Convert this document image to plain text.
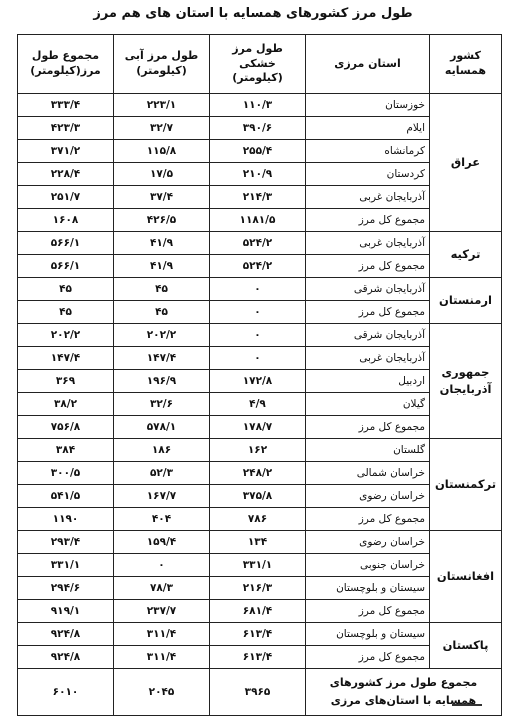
طول مرز کشورهای همسایه با استان های هم مرز
کشور همسایه	استان مرزی	طول مرز خشکی (کیلومتر)	طول مرز آبی (کیلومتر)	مجموع طول مرز(کیلومتر)
عراق	خوزستان	۱۱۰/۳	۲۲۳/۱	۳۳۳/۴
	ایلام	۳۹۰/۶	۳۲/۷	۴۲۳/۳
	کرمانشاه	۲۵۵/۴	۱۱۵/۸	۳۷۱/۲
	کردستان	۲۱۰/۹	۱۷/۵	۲۲۸/۴
	آذربایجان غربی	۲۱۴/۳	۳۷/۴	۲۵۱/۷
	مجموع کل مرز	۱۱۸۱/۵	۴۲۶/۵	۱۶۰۸
ترکیه	آذربایجان غربی	۵۲۴/۲	۴۱/۹	۵۶۶/۱
	مجموع کل مرز	۵۲۴/۲	۴۱/۹	۵۶۶/۱
ارمنستان	آذربایجان شرقی	۰	۴۵	۴۵
	مجموع کل مرز	۰	۴۵	۴۵
جمهوری آذربایجان	آذربایجان شرقی	۰	۲۰۲/۲	۲۰۲/۲
	آذربایجان غربی	۰	۱۴۷/۴	۱۴۷/۴
	اردبیل	۱۷۲/۸	۱۹۶/۹	۳۶۹
	گیلان	۴/۹	۳۲/۶	۳۸/۲
	مجموع کل مرز	۱۷۸/۷	۵۷۸/۱	۷۵۶/۸
ترکمنستان	گلستان	۱۶۲	۱۸۶	۳۸۴
	خراسان شمالی	۲۴۸/۲	۵۲/۳	۳۰۰/۵
	خراسان رضوی	۳۷۵/۸	۱۶۷/۷	۵۴۱/۵
	مجموع کل مرز	۷۸۶	۴۰۴	۱۱۹۰
افغانستان	خراسان رضوی	۱۳۴	۱۵۹/۴	۲۹۳/۴
	خراسان جنوبی	۳۳۱/۱	۰	۳۳۱/۱
	سیستان و بلوچستان	۲۱۶/۳	۷۸/۳	۲۹۴/۶
	مجموع کل مرز	۶۸۱/۴	۲۳۷/۷	۹۱۹/۱
پاکستان	سیستان و بلوچستان	۶۱۳/۴	۳۱۱/۴	۹۲۴/۸
	مجموع کل مرز	۶۱۳/۴	۳۱۱/۴	۹۲۴/۸
مجموع طول مرز کشورهای همسایه با استان‌های مرزی		۳۹۶۵	۲۰۴۵	۶۰۱۰
